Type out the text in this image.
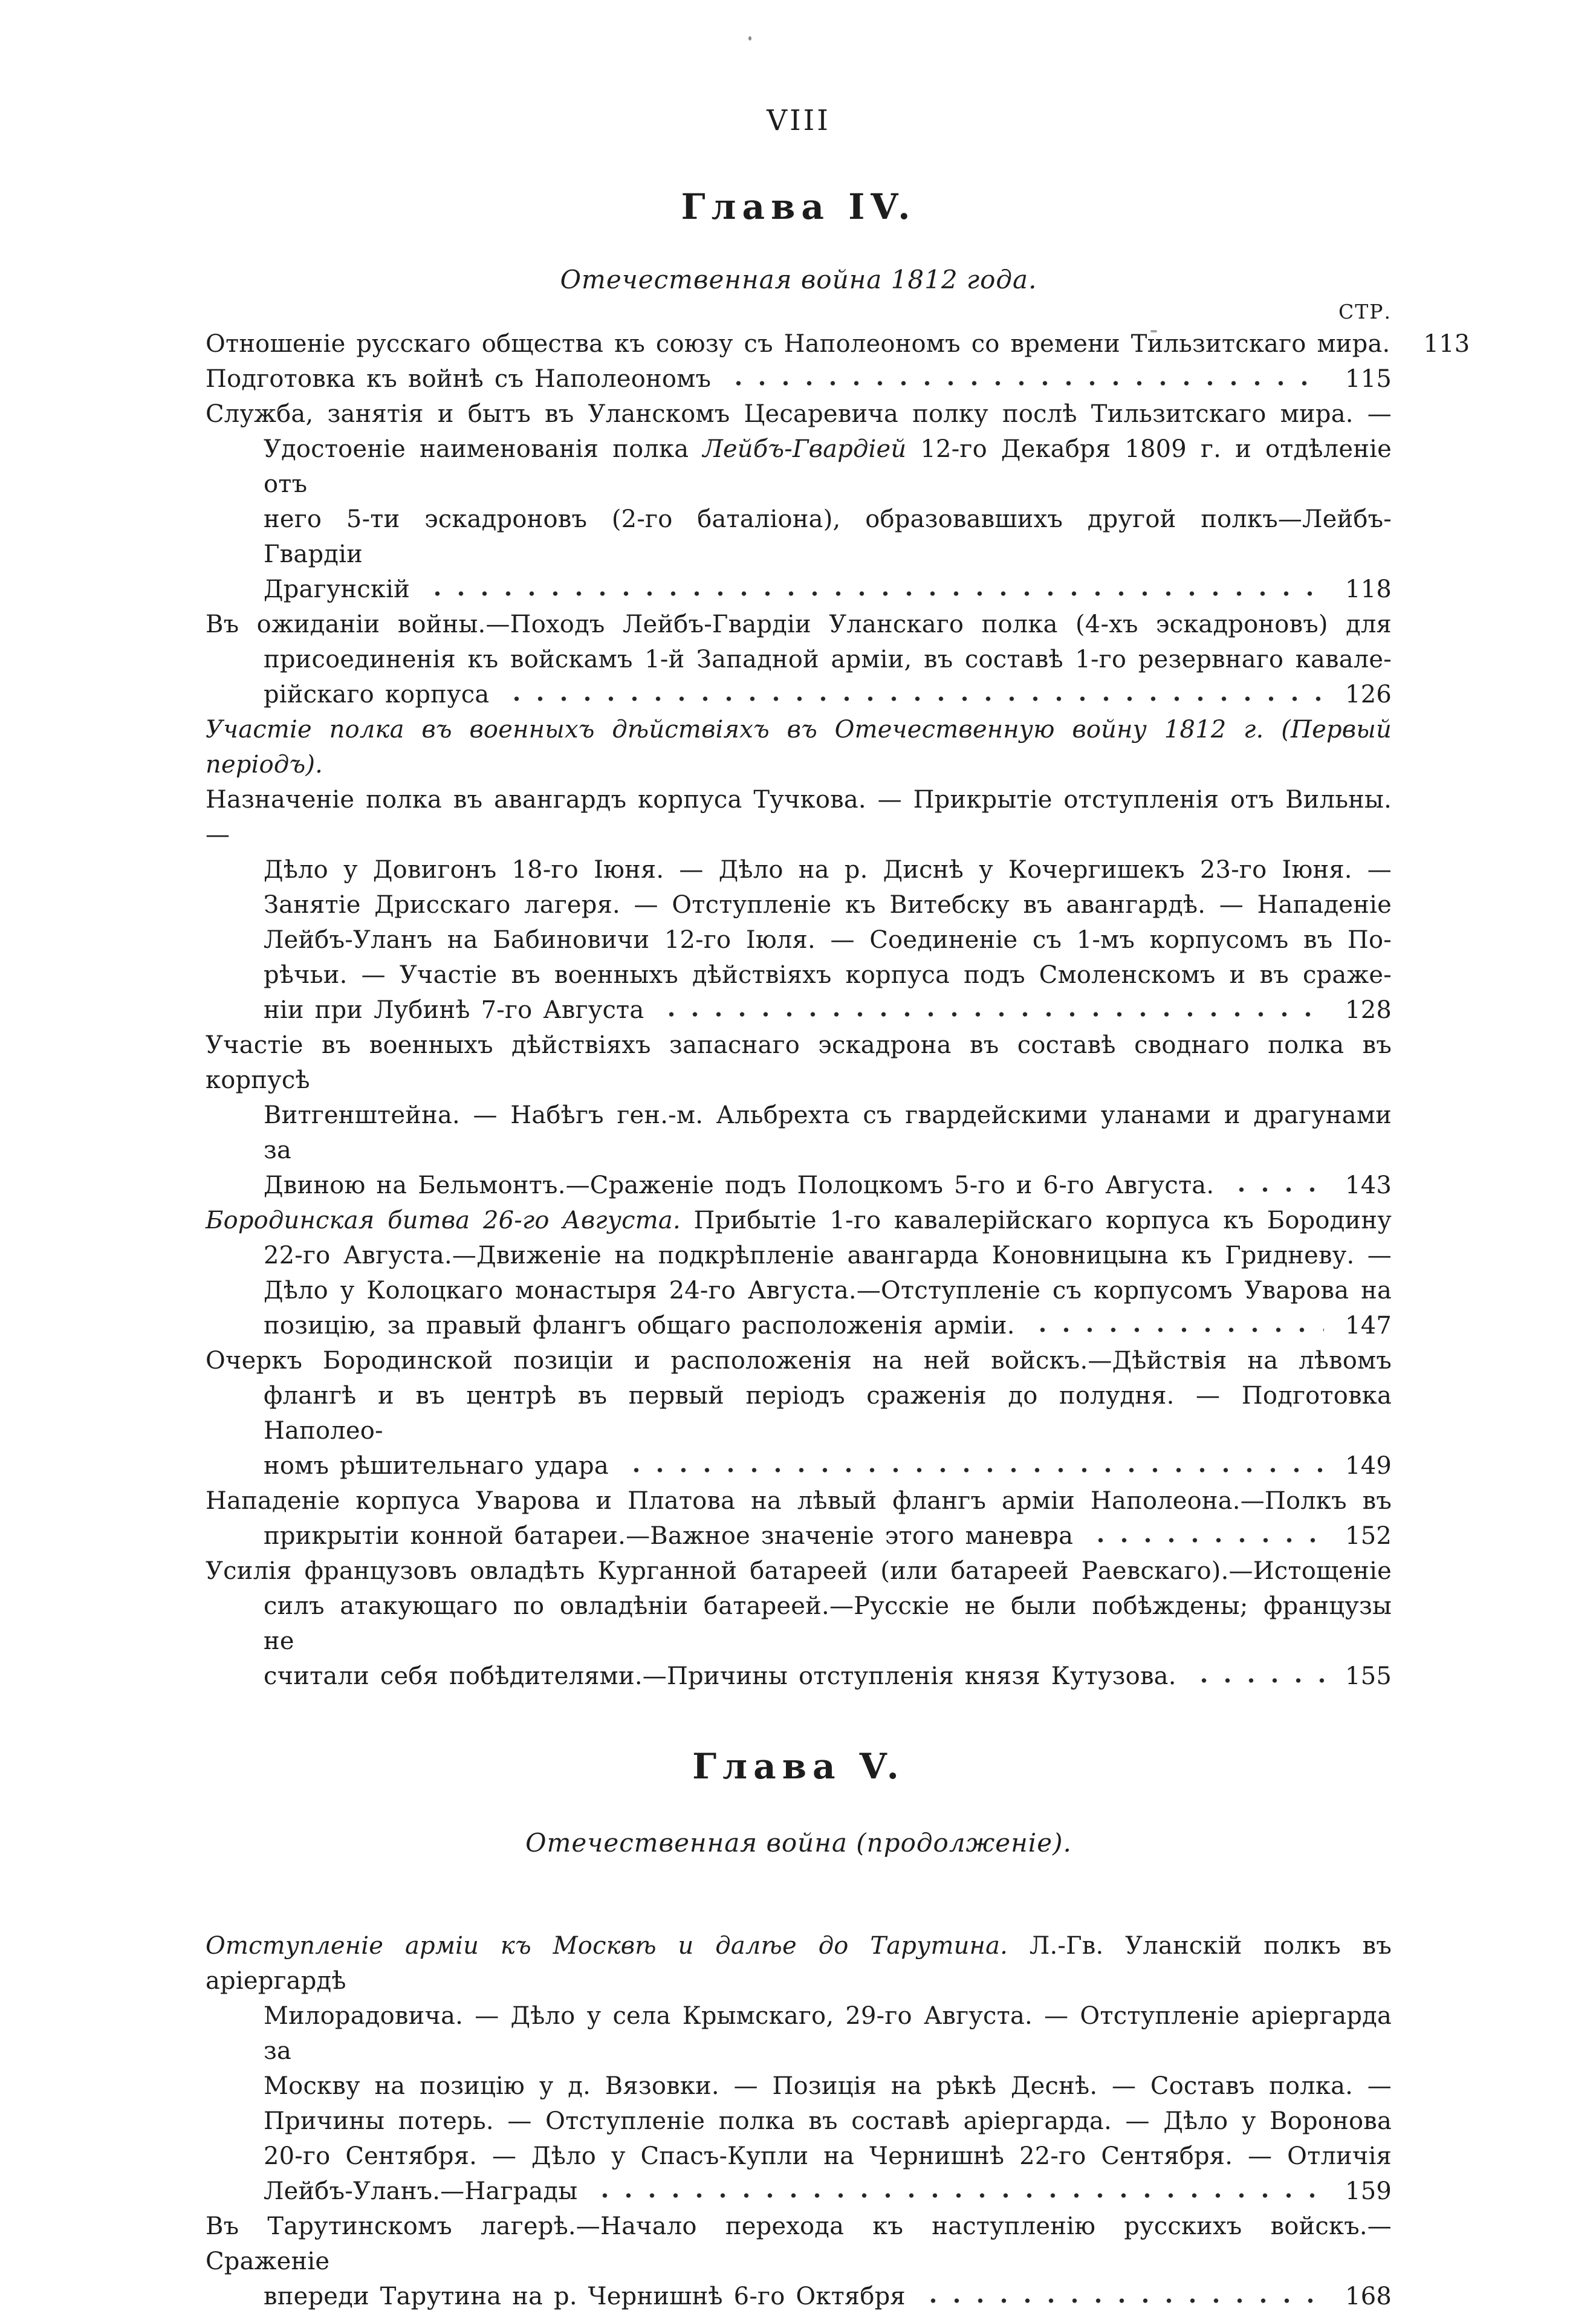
VIII
Глава IV.
Отечественная война 1812 года.
СТР.
Отношеніе русскаго общества къ союзу съ Наполеономъ со времени Тильзитскаго мира.	113
Подготовка къ войнѣ съ Наполеономъ	115
Служба, занятія и бытъ въ Уланскомъ Цесаревича полку послѣ Тильзитскаго мира. —
Удостоеніе наименованія полка Лейбъ-Гвардіей 12-го Декабря 1809 г. и отдѣленіе отъ
него 5-ти эскадроновъ (2-го баталіона), образовавшихъ другой полкъ—Лейбъ-Гвардіи
Драгунскій	118
Въ ожиданіи войны.—Походъ Лейбъ-Гвардіи Уланскаго полка (4-хъ эскадроновъ) для
присоединенія къ войскамъ 1-й Западной арміи, въ составѣ 1-го резервнаго кавале-
рійскаго корпуса	126
Участіе полка въ военныхъ дѣйствіяхъ въ Отечественную войну 1812 г. (Первый періодъ).
Назначеніе полка въ авангардъ корпуса Тучкова. — Прикрытіе отступленія отъ Вильны. —
Дѣло у Довигонъ 18-го Іюня. — Дѣло на р. Диснѣ у Кочергишекъ 23-го Іюня. —
Занятіе Дрисскаго лагеря. — Отступленіе къ Витебску въ авангардѣ. — Нападеніе
Лейбъ-Уланъ на Бабиновичи 12-го Іюля. — Соединеніе съ 1-мъ корпусомъ въ По-
рѣчьи. — Участіе въ военныхъ дѣйствіяхъ корпуса подъ Смоленскомъ и въ сраже-
ніи при Лубинѣ 7-го Августа	128
Участіе въ военныхъ дѣйствіяхъ запаснаго эскадрона въ составѣ своднаго полка въ корпусѣ
Витгенштейна. — Набѣгъ ген.-м. Альбрехта съ гвардейскими уланами и драгунами за
Двиною на Бельмонтъ.—Сраженіе подъ Полоцкомъ 5-го и 6-го Августа.	143
Бородинская битва 26-го Августа. Прибытіе 1-го кавалерійскаго корпуса къ Бородину
22-го Августа.—Движеніе на подкрѣпленіе авангарда Коновницына къ Гридневу. —
Дѣло у Колоцкаго монастыря 24-го Августа.—Отступленіе съ корпусомъ Уварова на
позицію, за правый флангъ общаго расположенія арміи.	147
Очеркъ Бородинской позиціи и расположенія на ней войскъ.—Дѣйствія на лѣвомъ
флангѣ и въ центрѣ въ первый періодъ сраженія до полудня. — Подготовка Наполео-
номъ рѣшительнаго удара	149
Нападеніе корпуса Уварова и Платова на лѣвый флангъ арміи Наполеона.—Полкъ въ
прикрытіи конной батареи.—Важное значеніе этого маневра	152
Усилія французовъ овладѣть Курганной батареей (или батареей Раевскаго).—Истощеніе
силъ атакующаго по овладѣніи батареей.—Русскіе не были побѣждены; французы не
считали себя побѣдителями.—Причины отступленія князя Кутузова.	155
Глава V.
Отечественная война (продолженіе).
Отступленіе арміи къ Москвѣ и далѣе до Тарутина. Л.-Гв. Уланскій полкъ въ аріергардѣ
Милорадовича. — Дѣло у села Крымскаго, 29-го Августа. — Отступленіе аріергарда за
Москву на позицію у д. Вязовки. — Позиція на рѣкѣ Деснѣ. — Составъ полка. —
Причины потерь. — Отступленіе полка въ составѣ аріергарда. — Дѣло у Воронова
20-го Сентября. — Дѣло у Спасъ-Купли на Чернишнѣ 22-го Сентября. — Отличія
Лейбъ-Уланъ.—Награды	159
Въ Тарутинскомъ лагерѣ.—Начало перехода къ наступленію русскихъ войскъ.—Сраженіе
впереди Тарутина на р. Чернишнѣ 6-го Октября	168
